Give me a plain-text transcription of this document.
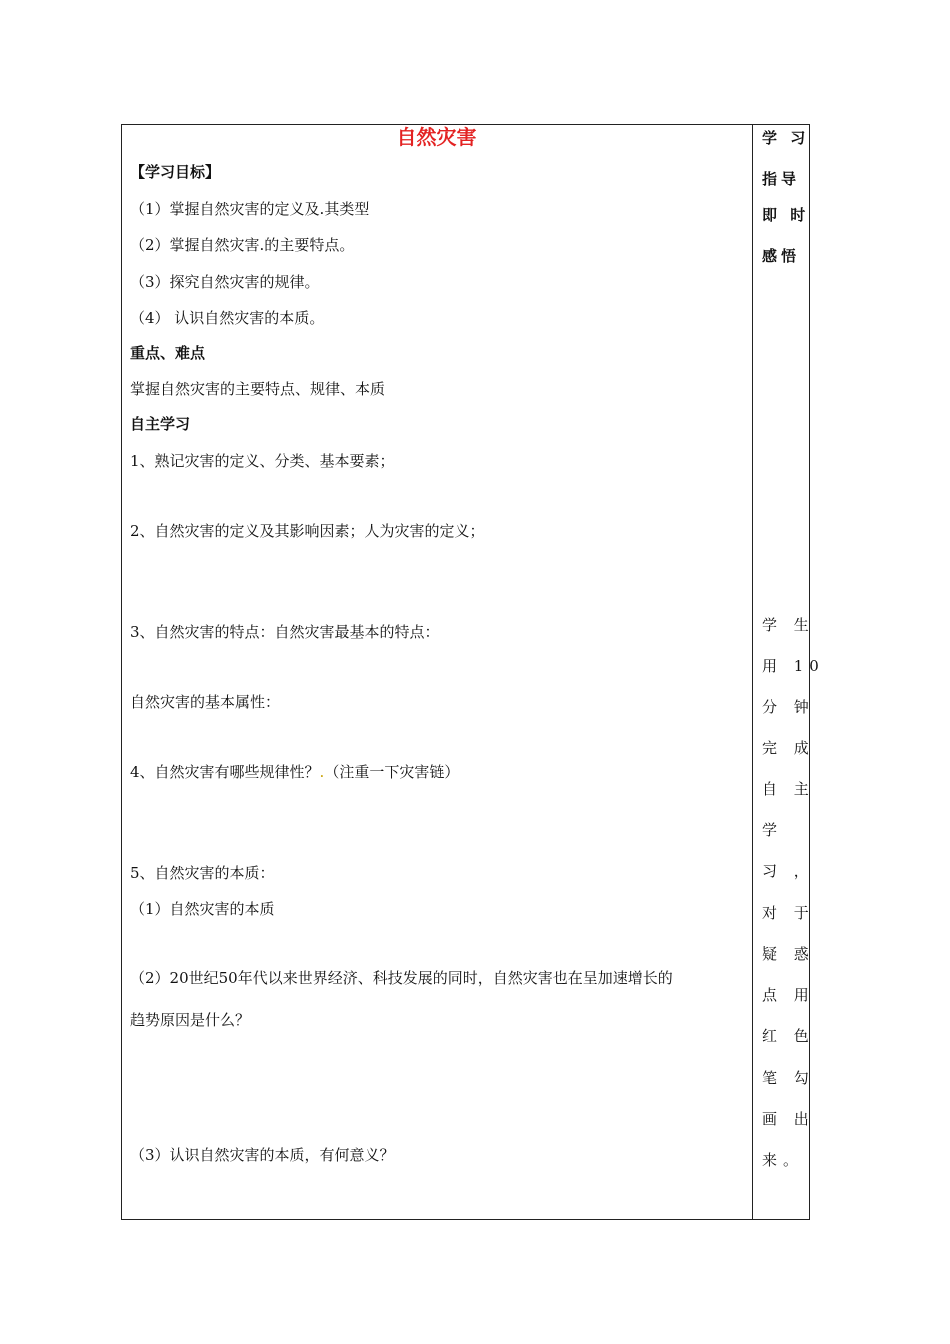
自然灾害
【学习目标】
（1）掌握自然灾害的定义及.其类型
（2）掌握自然灾害.的主要特点。
（3）探究自然灾害的规律。
（4） 认识自然灾害的本质。
重点、难点
掌握自然灾害的主要特点、规律、本质
自主学习
1、熟记灾害的定义、分类、基本要素；
2、自然灾害的定义及其影响因素；人为灾害的定义；
3、自然灾害的特点：自然灾害最基本的特点：
自然灾害的基本属性：
4、自然灾害有哪些规律性？.（注重一下灾害链）
5、自然灾害的本质：
（1）自然灾害的本质
（2）20世纪50年代以来世界经济、科技发展的同时，自然灾害也在呈加速增长的
趋势原因是什么？
（3）认识自然灾害的本质，有何意义？
学 习
指导
即 时
感悟
学 生
用 10
分 钟
完 成
自 主
学
习 ，
对 于
疑 惑
点 用
红 色
笔 勾
画 出
来。
